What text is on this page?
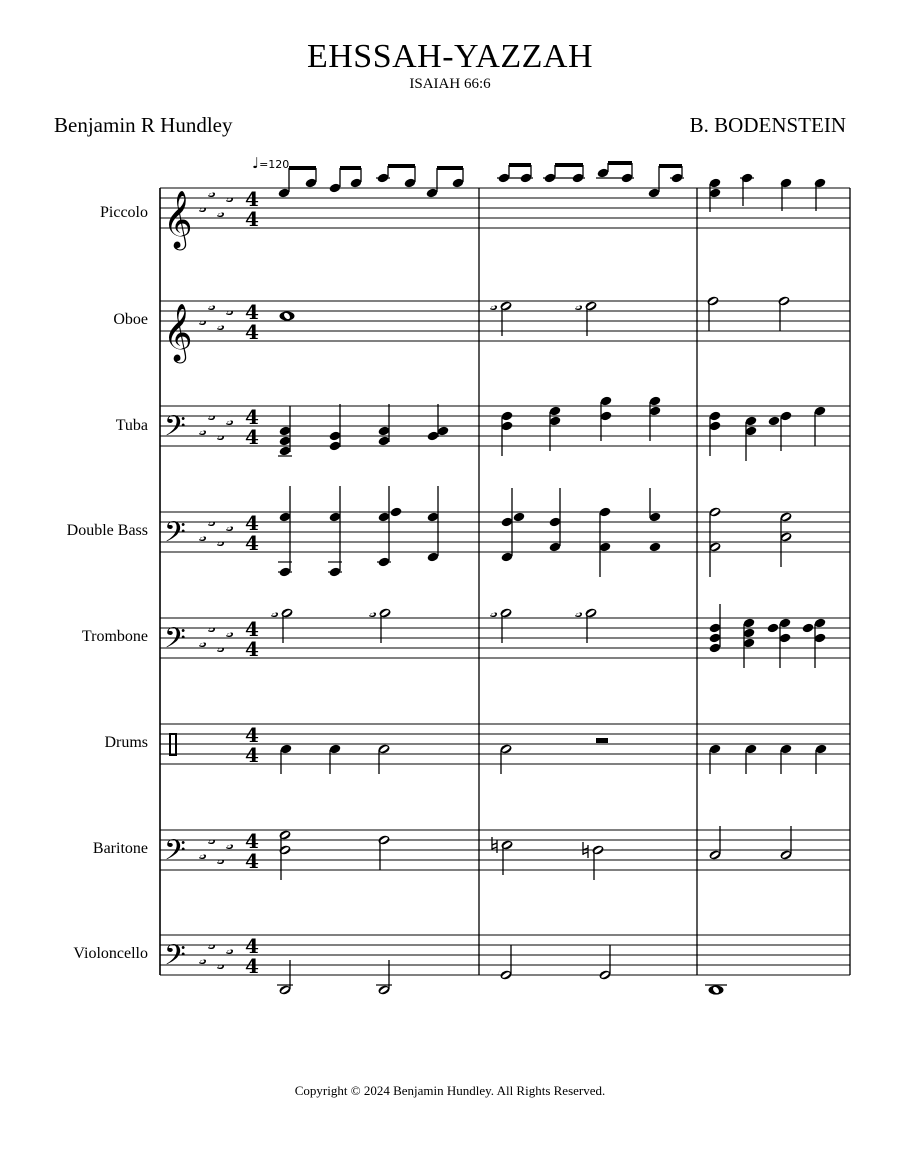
EHSSAH-YAZZAH
ISAIAH 66:6
Benjamin R Hundley	B. BODENSTEIN
♩=120
Piccolo
Oboe
Tuba
Double Bass
Trombone
Drums
Baritone
Violoncello
𝄞
𝄞
𝄢
𝄢
𝄢
𝄢
𝄢
4
4
4
4
4
4
4
4
4
4
4
4
4
4
4
4
Copyright © 2024 Benjamin Hundley. All Rights Reserved.
